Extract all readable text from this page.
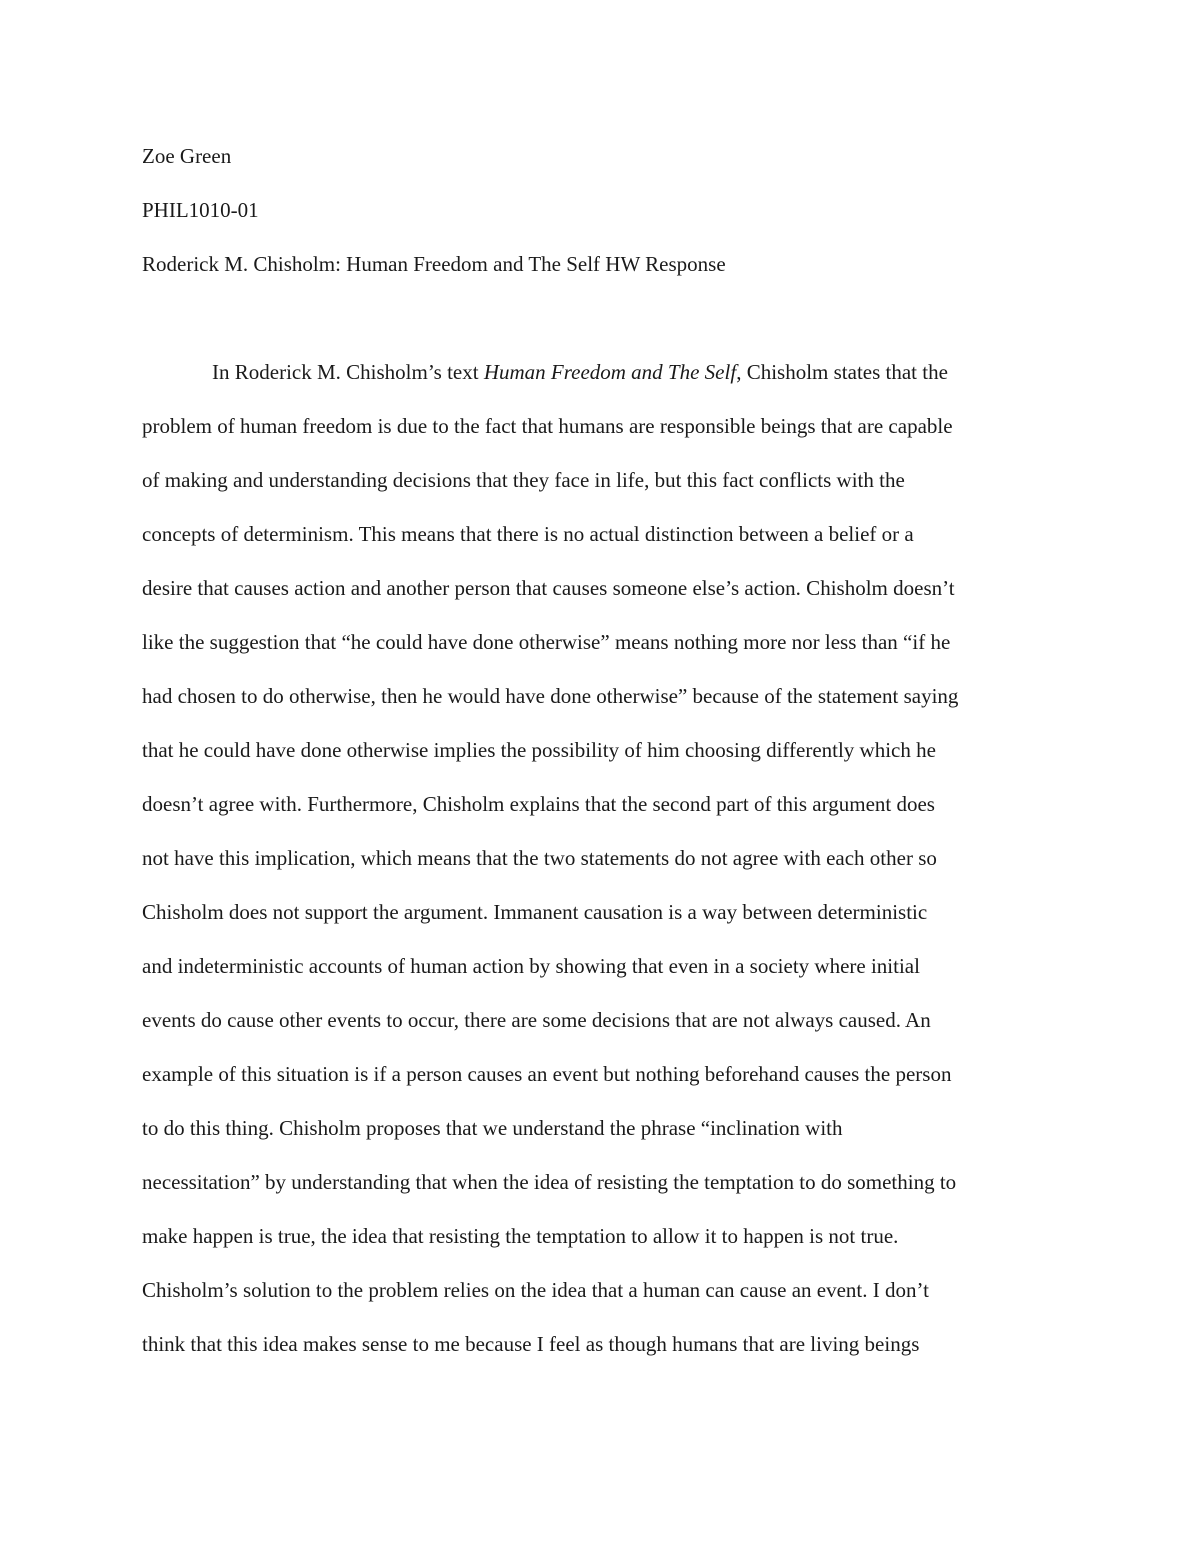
Zoe Green
PHIL1010-01
Roderick M. Chisholm: Human Freedom and The Self HW Response
In Roderick M. Chisholm’s text Human Freedom and The Self, Chisholm states that the
problem of human freedom is due to the fact that humans are responsible beings that are capable
of making and understanding decisions that they face in life, but this fact conflicts with the
concepts of determinism. This means that there is no actual distinction between a belief or a
desire that causes action and another person that causes someone else’s action. Chisholm doesn’t
like the suggestion that “he could have done otherwise” means nothing more nor less than “if he
had chosen to do otherwise, then he would have done otherwise” because of the statement saying
that he could have done otherwise implies the possibility of him choosing differently which he
doesn’t agree with. Furthermore, Chisholm explains that the second part of this argument does
not have this implication, which means that the two statements do not agree with each other so
Chisholm does not support the argument. Immanent causation is a way between deterministic
and indeterministic accounts of human action by showing that even in a society where initial
events do cause other events to occur, there are some decisions that are not always caused. An
example of this situation is if a person causes an event but nothing beforehand causes the person
to do this thing. Chisholm proposes that we understand the phrase “inclination with
necessitation” by understanding that when the idea of resisting the temptation to do something to
make happen is true, the idea that resisting the temptation to allow it to happen is not true.
Chisholm’s solution to the problem relies on the idea that a human can cause an event. I don’t
think that this idea makes sense to me because I feel as though humans that are living beings
